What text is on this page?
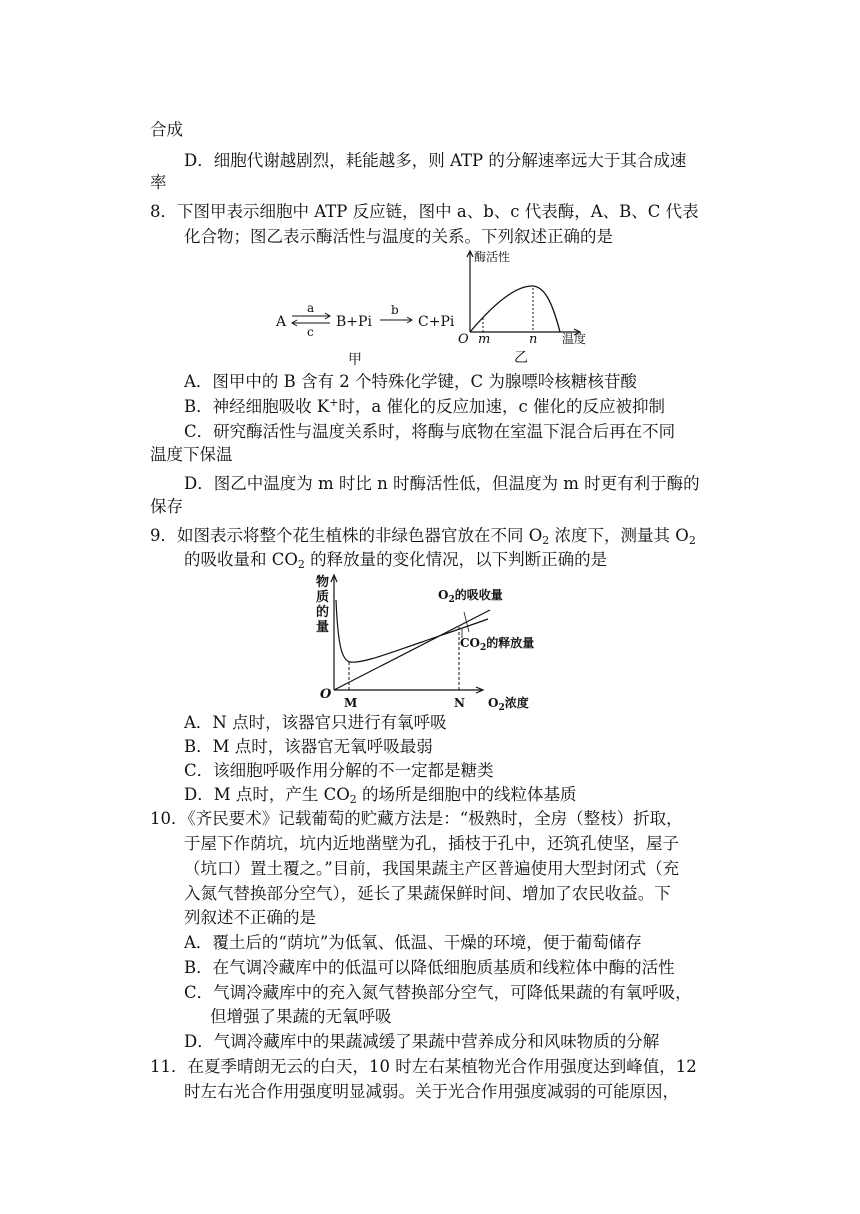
合成
D．细胞代谢越剧烈，耗能越多，则 ATP 的分解速率远大于其合成速
率
8．下图甲表示细胞中 ATP 反应链，图中 a、b、c 代表酶，A、B、C 代表
化合物；图乙表示酶活性与温度的关系。下列叙述正确的是
A
a
c
B+Pi
b
C+Pi
甲
酶活性
O m	n 温度
乙
A．图甲中的 B 含有 2 个特殊化学键，C 为腺嘌呤核糖核苷酸
B．神经细胞吸收 K+时，a 催化的反应加速，c 催化的反应被抑制
C．研究酶活性与温度关系时，将酶与底物在室温下混合后再在不同
温度下保温
D．图乙中温度为 m 时比 n 时酶活性低，但温度为 m 时更有利于酶的
保存
9．如图表示将整个花生植株的非绿色器官放在不同 $O_2$ 浓度下，测量其 $O_2$
的吸收量和 $CO_2$ 的释放量的变化情况，以下判断正确的是
物
质
的
量
$O_2$的吸收量
$CO_2$的释放量
O
M	N $O_2$浓度
A．N 点时，该器官只进行有氧呼吸
B．M 点时，该器官无氧呼吸最弱
C．该细胞呼吸作用分解的不一定都是糖类
D．M 点时，产生 $CO_2$ 的场所是细胞中的线粒体基质
10．《齐民要术》记载葡萄的贮藏方法是：“极熟时，全房（整枝）折取，
于屋下作荫坑，坑内近地凿壁为孔，插枝于孔中，还筑孔使坚，屋子
（坑口）置土覆之。”目前，我国果蔬主产区普遍使用大型封闭式（充
入氮气替换部分空气），延长了果蔬保鲜时间、增加了农民收益。下
列叙述不正确的是
A．覆土后的“荫坑”为低氧、低温、干燥的环境，便于葡萄储存
B．在气调冷藏库中的低温可以降低细胞质基质和线粒体中酶的活性
C．气调冷藏库中的充入氮气替换部分空气，可降低果蔬的有氧呼吸，
但增强了果蔬的无氧呼吸
D．气调冷藏库中的果蔬减缓了果蔬中营养成分和风味物质的分解
11．在夏季晴朗无云的白天，10 时左右某植物光合作用强度达到峰值，12
时左右光合作用强度明显减弱。关于光合作用强度减弱的可能原因，
